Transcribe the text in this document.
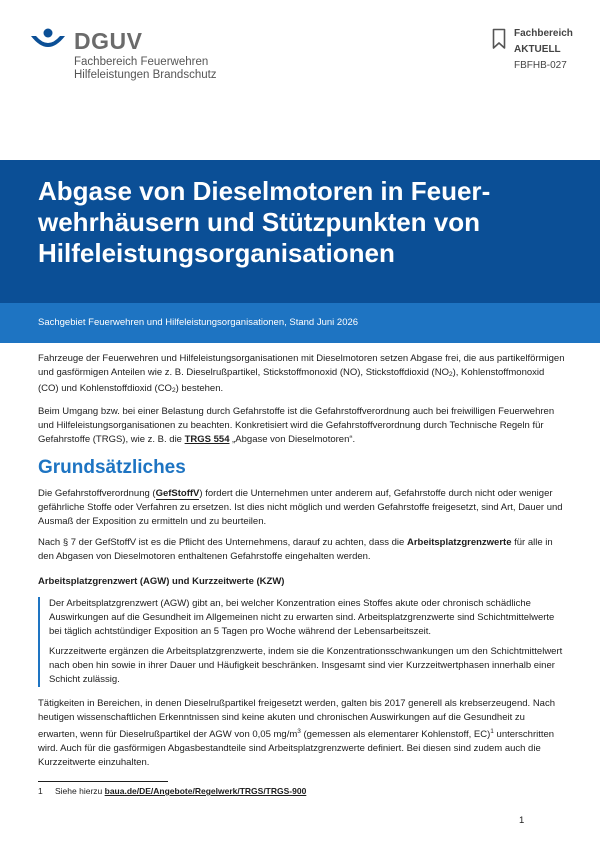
DGUV
Fachbereich Feuerwehren
Hilfeleistungen Brandschutz
Fachbereich
AKTUELL
FBFHB-027
Abgase von Dieselmotoren in Feuerwehrhäusern und Stützpunkten von Hilfeleistungsorganisationen
Sachgebiet Feuerwehren und Hilfeleistungsorganisationen, Stand Juni 2026

Fahrzeuge der Feuerwehren und Hilfeleistungsorganisationen mit Dieselmotoren setzen Abgase frei, die aus partikelförmigen und gasförmigen Anteilen wie z. B. Dieselrußpartikel, Stickstoffmonoxid (NO), Stickstoffdioxid $(NO_2)$, Kohlenstoffmonoxid (CO) und Kohlenstoffdioxid $(CO_2)$ bestehen.

Beim Umgang bzw. bei einer Belastung durch Gefahrstoffe ist die Gefahrstoffverordnung auch bei freiwilligen Feuerwehren und Hilfeleistungsorganisationen zu beachten. Konkretisiert wird die Gefahrstoffverordnung durch Technische Regeln für Gefahrstoffe (TRGS), wie z. B. die TRGS 554 „Abgase von Dieselmotoren“.

Grundsätzliches

Die Gefahrstoffverordnung (GefStoffV) fordert die Unternehmen unter anderem auf, Gefahrstoffe durch nicht oder weniger gefährliche Stoffe oder Verfahren zu ersetzen. Ist dies nicht möglich und werden Gefahrstoffe freigesetzt, sind Art, Dauer und Ausmaß der Exposition zu ermitteln und zu beurteilen.

Nach § 7 der GefStoffV ist es die Pflicht des Unternehmens, darauf zu achten, dass die Arbeitsplatzgrenzwerte für alle in den Abgasen von Dieselmotoren enthaltenen Gefahrstoffe eingehalten werden.

Arbeitsplatzgrenzwert (AGW) und Kurzzeitwerte (KZW)

Der Arbeitsplatzgrenzwert (AGW) gibt an, bei welcher Konzentration eines Stoffes akute oder chronisch schädliche Auswirkungen auf die Gesundheit im Allgemeinen nicht zu erwarten sind. Arbeitsplatzgrenzwerte sind Schichtmittelwerte bei täglich achtstündiger Exposition an 5 Tagen pro Woche während der Lebensarbeitszeit.

Kurzzeitwerte ergänzen die Arbeitsplatzgrenzwerte, indem sie die Konzentrationsschwankungen um den Schichtmittelwert nach oben hin sowie in ihrer Dauer und Häufigkeit beschränken. Insgesamt sind vier Kurzzeitwertphasen innerhalb einer Schicht zulässig.

Tätigkeiten in Bereichen, in denen Dieselrußpartikel freigesetzt werden, galten bis 2017 generell als krebserzeugend. Nach heutigen wissenschaftlichen Erkenntnissen sind keine akuten und chronischen Auswirkungen auf die Gesundheit zu erwarten, wenn für Dieselrußpartikel der AGW von 0,05 $mg/m^3$ (gemessen als elementarer Kohlenstoff, EC)$^1$ unterschritten wird. Auch für die gasförmigen Abgasbestandteile sind Arbeitsplatzgrenzwerte definiert. Bei diesen sind zudem auch die Kurzzeitwerte einzuhalten.

1 Siehe hierzu baua.de/DE/Angebote/Regelwerk/TRGS/TRGS-900
1
